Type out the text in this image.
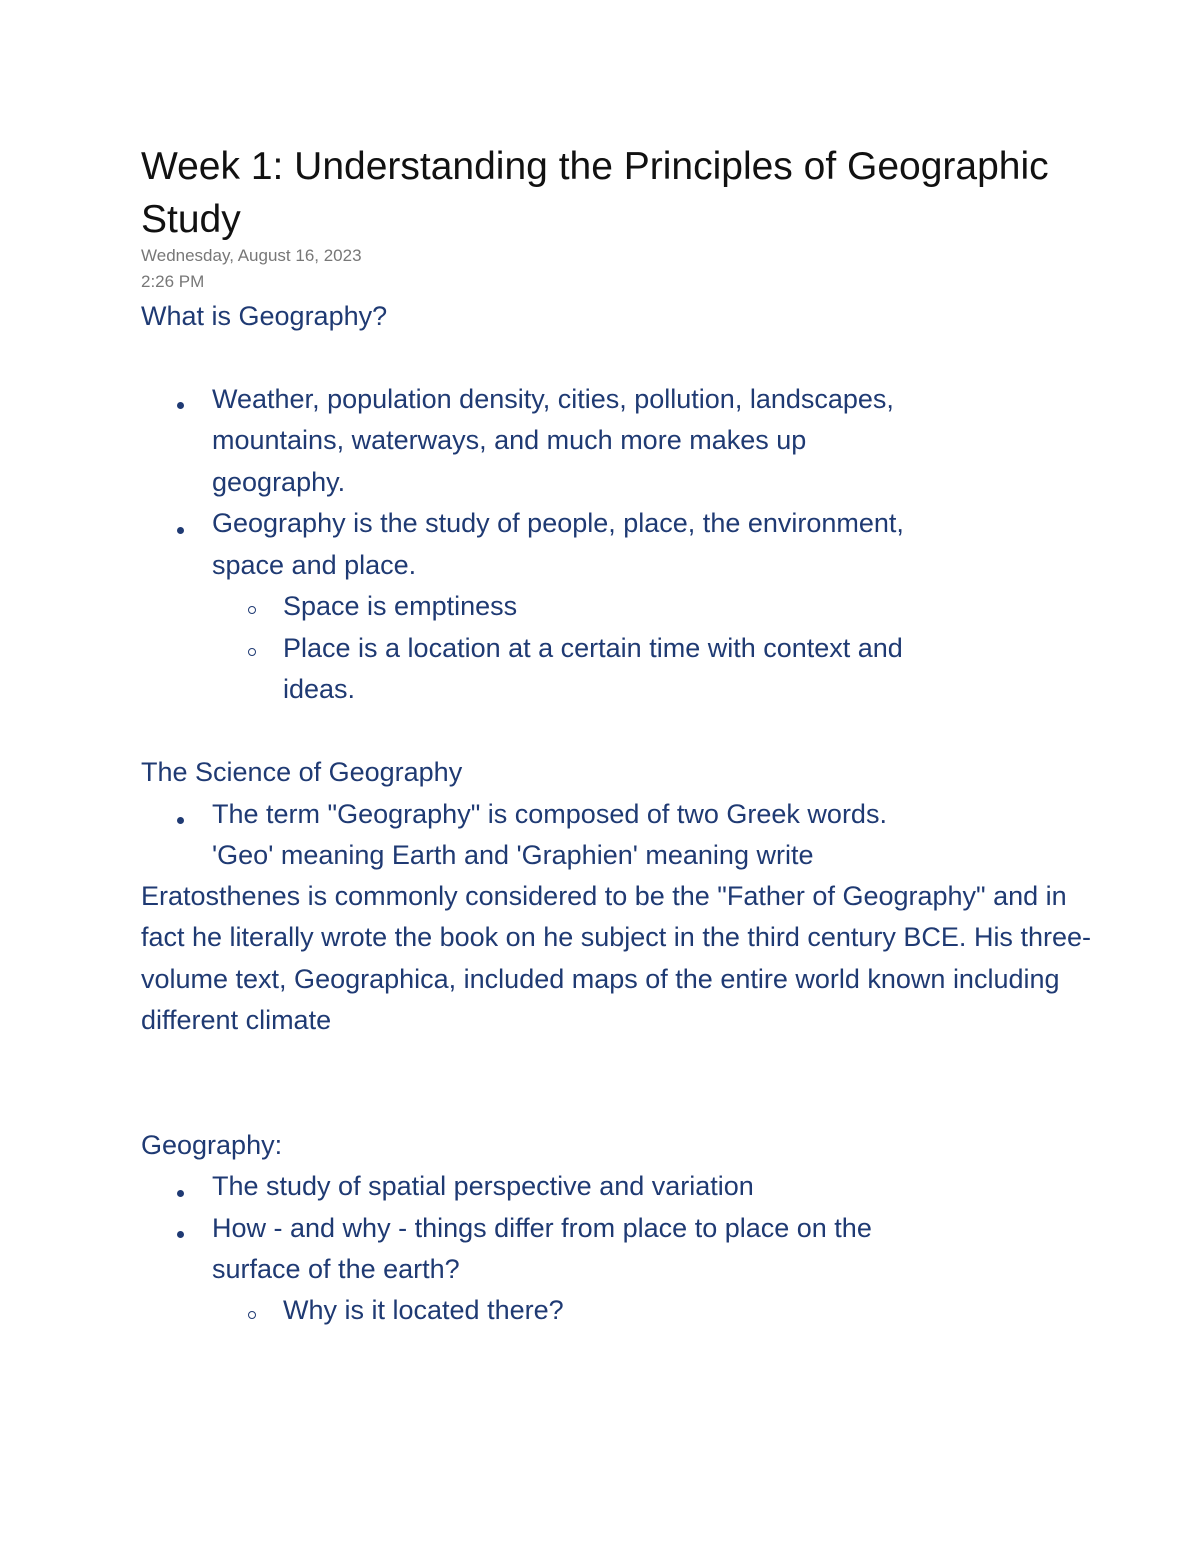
Week 1: Understanding the Principles of Geographic Study
Wednesday, August 16, 2023
2:26 PM
What is Geography?
Weather, population density, cities, pollution, landscapes,
mountains, waterways, and much more makes up
geography.
Geography is the study of people, place, the environment,
space and place.
Space is emptiness
Place is a location at a certain time with context and
ideas.
The Science of Geography
The term "Geography" is composed of two Greek words.
'Geo' meaning Earth and 'Graphien' meaning write
Eratosthenes is commonly considered to be the "Father of Geography" and in fact he literally wrote the book on he subject in the third century BCE. His three-volume text, Geographica, included maps of the entire world known including different climate
Geography:
The study of spatial perspective and variation
How - and why - things differ from place to place on the
surface of the earth?
Why is it located there?
